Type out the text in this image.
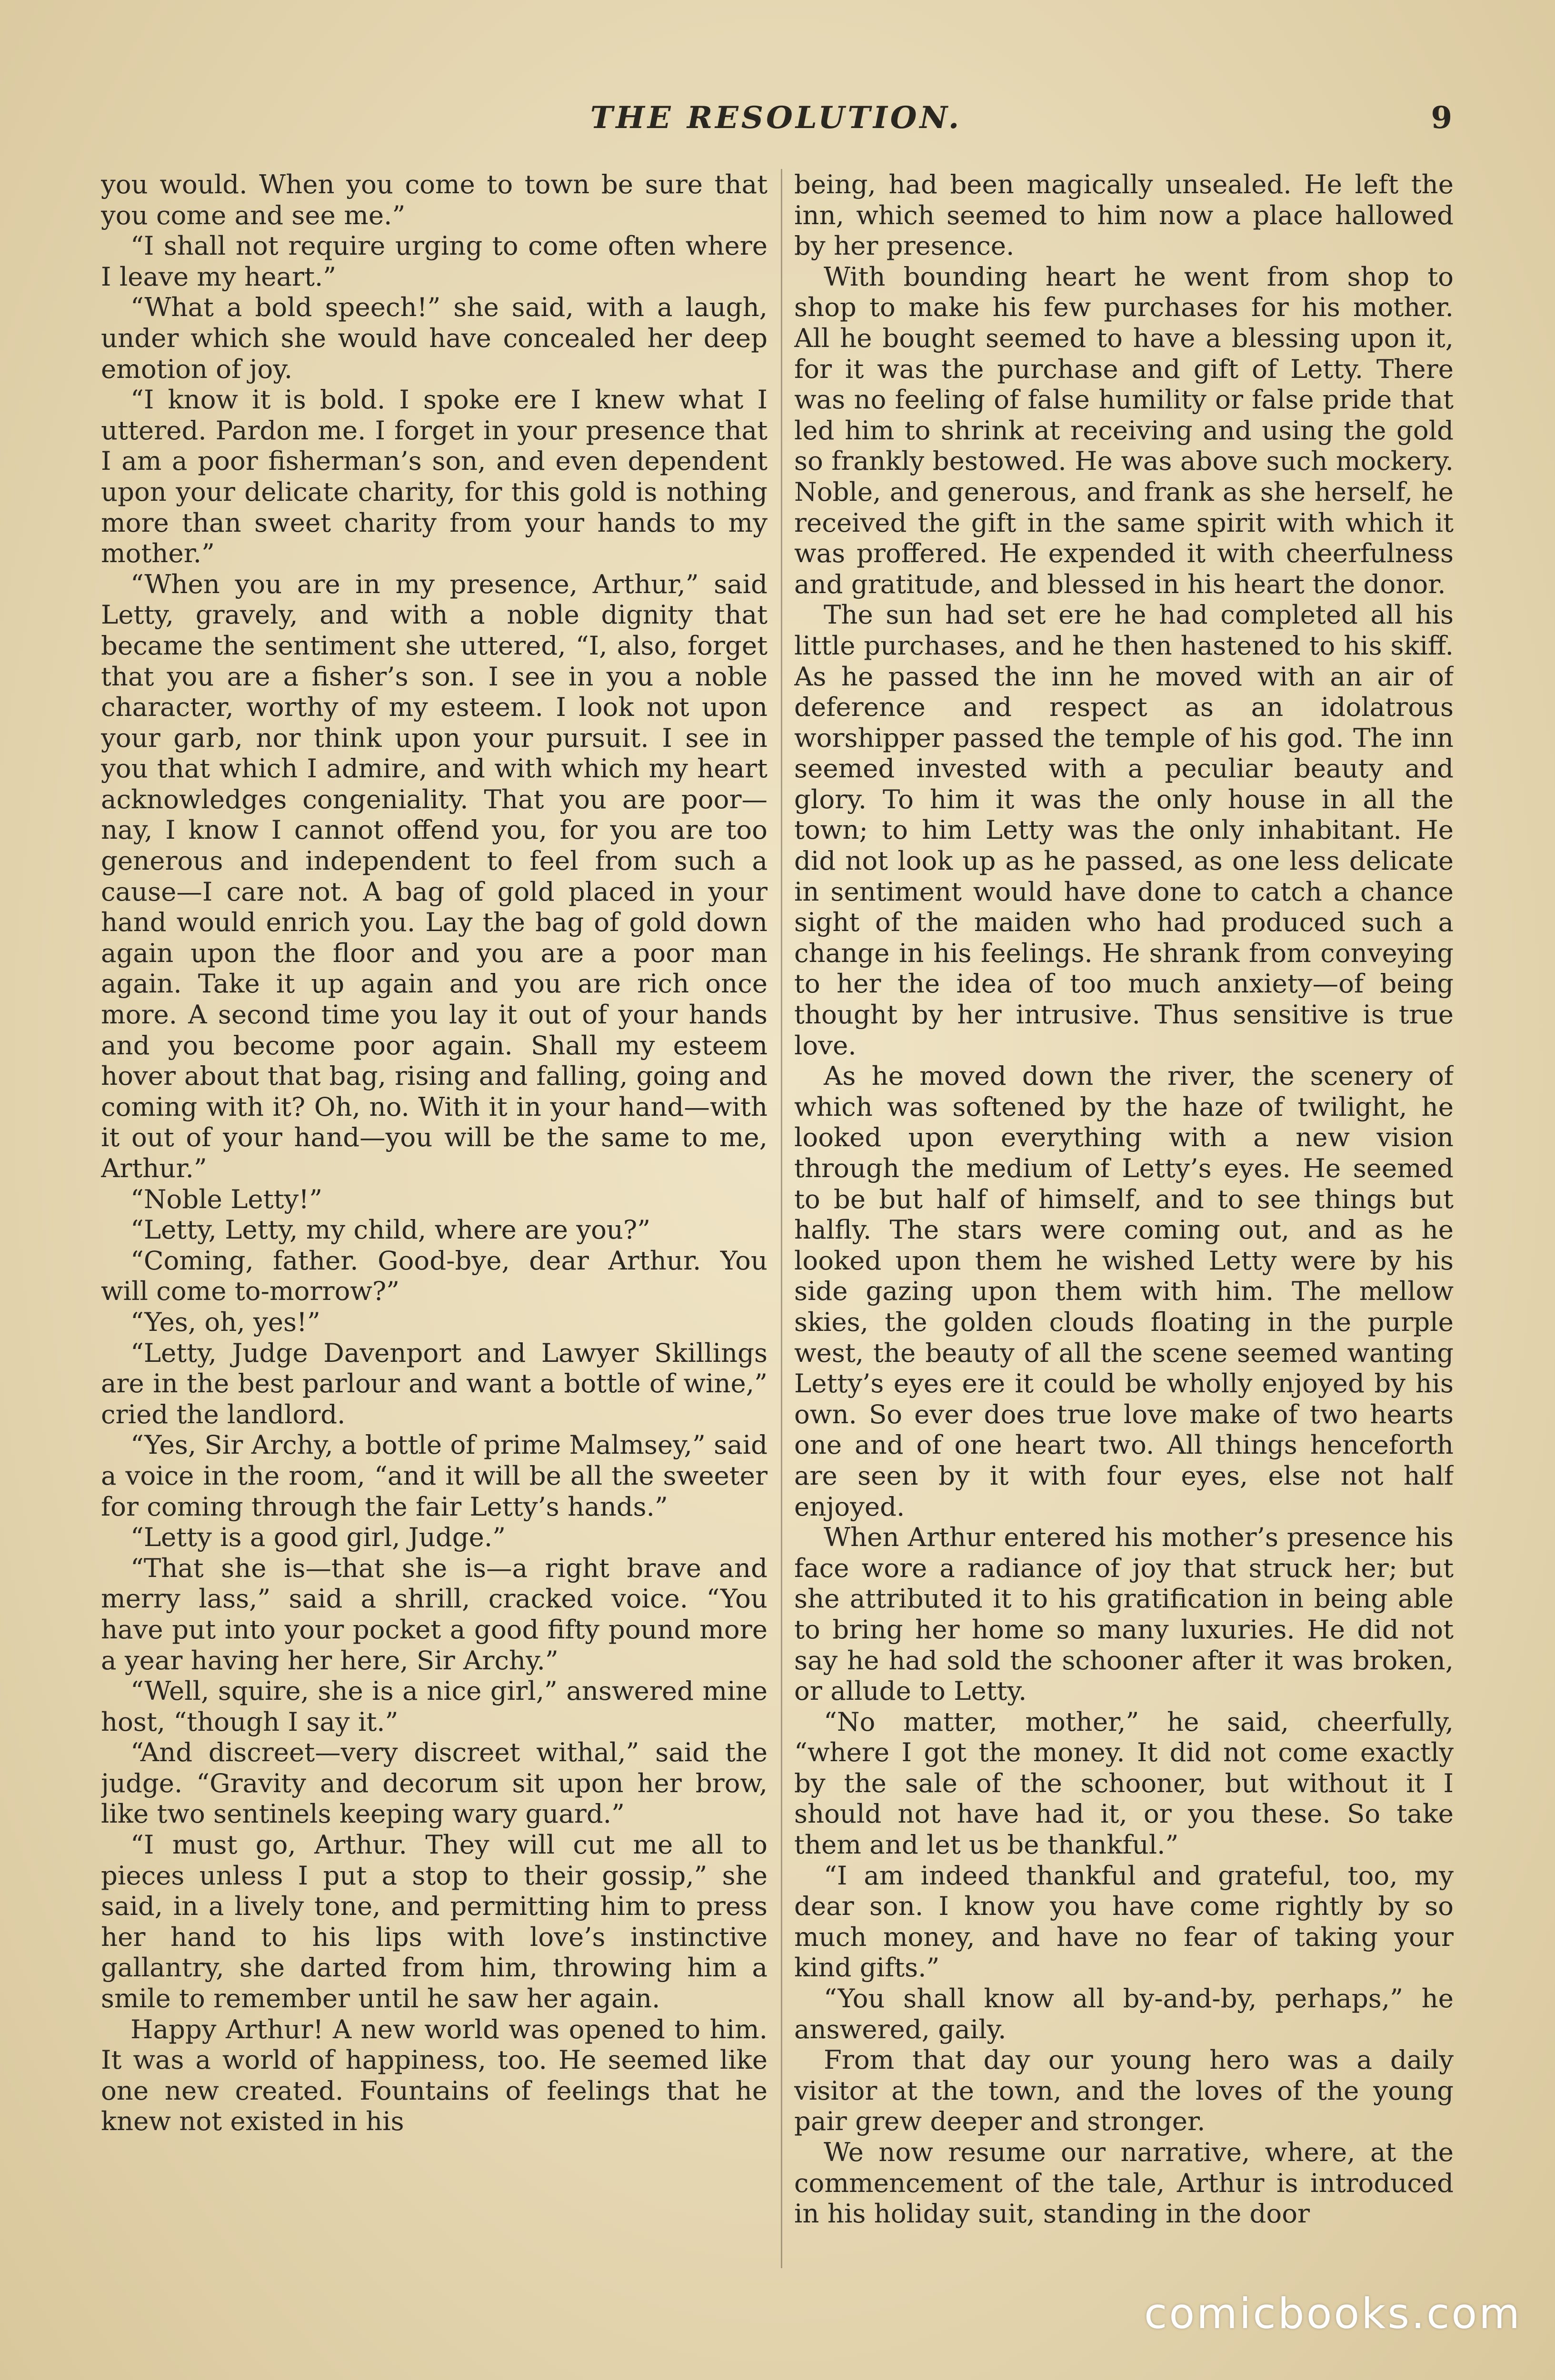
THE RESOLUTION.	9

you would. When you come to town be sure that you come and see me.”

“I shall not require urging to come often where I leave my heart.”

“What a bold speech!” she said, with a laugh, under which she would have concealed her deep emotion of joy.

“I know it is bold. I spoke ere I knew what I uttered. Pardon me. I forget in your presence that I am a poor fisherman’s son, and even dependent upon your delicate charity, for this gold is nothing more than sweet charity from your hands to my mother.”

“When you are in my presence, Arthur,” said Letty, gravely, and with a noble dignity that became the sentiment she uttered, “I, also, forget that you are a fisher’s son. I see in you a noble character, worthy of my esteem. I look not upon your garb, nor think upon your pursuit. I see in you that which I admire, and with which my heart acknowledges congeniality. That you are poor—nay, I know I cannot offend you, for you are too generous and independent to feel from such a cause—I care not. A bag of gold placed in your hand would enrich you. Lay the bag of gold down again upon the floor and you are a poor man again. Take it up again and you are rich once more. A second time you lay it out of your hands and you become poor again. Shall my esteem hover about that bag, rising and falling, going and coming with it? Oh, no. With it in your hand—with it out of your hand—you will be the same to me, Arthur.”

“Noble Letty!”

“Letty, Letty, my child, where are you?”

“Coming, father. Good-bye, dear Arthur. You will come to-morrow?”

“Yes, oh, yes!”

“Letty, Judge Davenport and Lawyer Skillings are in the best parlour and want a bottle of wine,” cried the landlord.

“Yes, Sir Archy, a bottle of prime Malmsey,” said a voice in the room, “and it will be all the sweeter for coming through the fair Letty’s hands.”

“Letty is a good girl, Judge.”

“That she is—that she is—a right brave and merry lass,” said a shrill, cracked voice. “You have put into your pocket a good fifty pound more a year having her here, Sir Archy.”

“Well, squire, she is a nice girl,” answered mine host, “though I say it.”

“And discreet—very discreet withal,” said the judge. “Gravity and decorum sit upon her brow, like two sentinels keeping wary guard.”

“I must go, Arthur. They will cut me all to pieces unless I put a stop to their gossip,” she said, in a lively tone, and permitting him to press her hand to his lips with love’s instinctive gallantry, she darted from him, throwing him a smile to remember until he saw her again.

Happy Arthur! A new world was opened to him. It was a world of happiness, too. He seemed like one new created. Fountains of feelings that he knew not existed in his

being, had been magically unsealed. He left the inn, which seemed to him now a place hallowed by her presence.

With bounding heart he went from shop to shop to make his few purchases for his mother. All he bought seemed to have a blessing upon it, for it was the purchase and gift of Letty. There was no feeling of false humility or false pride that led him to shrink at receiving and using the gold so frankly bestowed. He was above such mockery. Noble, and generous, and frank as she herself, he received the gift in the same spirit with which it was proffered. He expended it with cheerfulness and gratitude, and blessed in his heart the donor.

The sun had set ere he had completed all his little purchases, and he then hastened to his skiff. As he passed the inn he moved with an air of deference and respect as an idolatrous worshipper passed the temple of his god. The inn seemed invested with a peculiar beauty and glory. To him it was the only house in all the town; to him Letty was the only inhabitant. He did not look up as he passed, as one less delicate in sentiment would have done to catch a chance sight of the maiden who had produced such a change in his feelings. He shrank from conveying to her the idea of too much anxiety—of being thought by her intrusive. Thus sensitive is true love.

As he moved down the river, the scenery of which was softened by the haze of twilight, he looked upon everything with a new vision through the medium of Letty’s eyes. He seemed to be but half of himself, and to see things but halfly. The stars were coming out, and as he looked upon them he wished Letty were by his side gazing upon them with him. The mellow skies, the golden clouds floating in the purple west, the beauty of all the scene seemed wanting Letty’s eyes ere it could be wholly enjoyed by his own. So ever does true love make of two hearts one and of one heart two. All things henceforth are seen by it with four eyes, else not half enjoyed.

When Arthur entered his mother’s presence his face wore a radiance of joy that struck her; but she attributed it to his gratification in being able to bring her home so many luxuries. He did not say he had sold the schooner after it was broken, or allude to Letty.

“No matter, mother,” he said, cheerfully, “where I got the money. It did not come exactly by the sale of the schooner, but without it I should not have had it, or you these. So take them and let us be thankful.”

“I am indeed thankful and grateful, too, my dear son. I know you have come rightly by so much money, and have no fear of taking your kind gifts.”

“You shall know all by-and-by, perhaps,” he answered, gaily.

From that day our young hero was a daily visitor at the town, and the loves of the young pair grew deeper and stronger.

We now resume our narrative, where, at the commencement of the tale, Arthur is introduced in his holiday suit, standing in the door

comicbooks.com
